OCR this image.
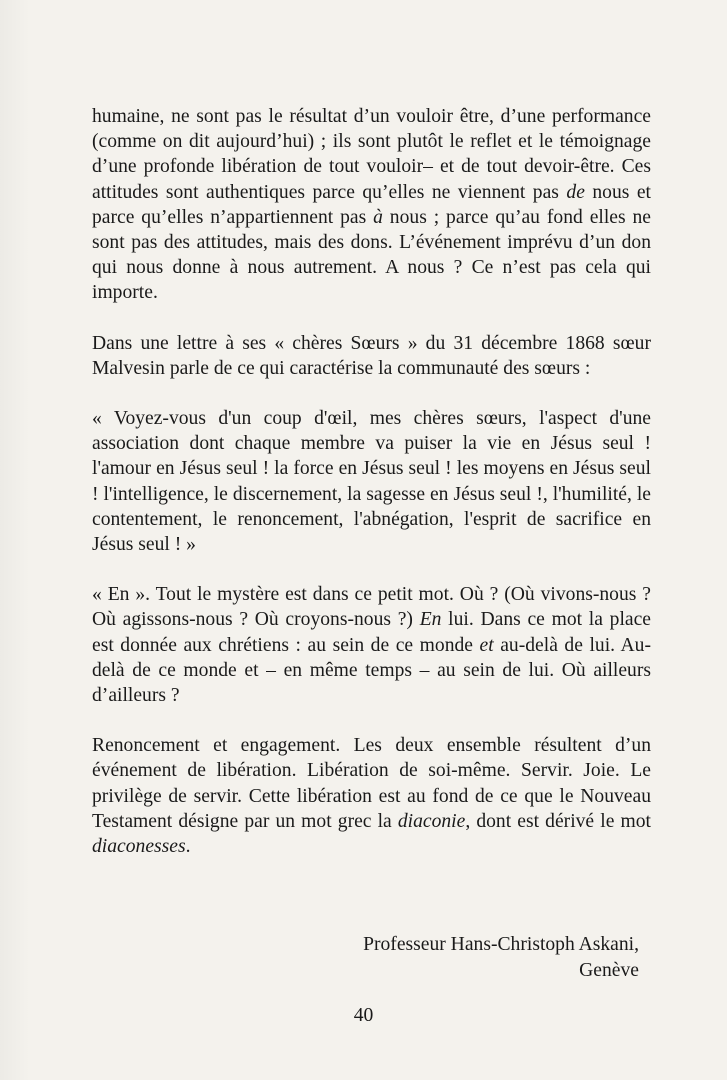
humaine, ne sont pas le résultat d’un vouloir être, d’une performance (comme on dit aujourd’hui) ; ils sont plutôt le reflet et le témoignage d’une profonde libération de tout vouloir– et de tout devoir-être. Ces attitudes sont authentiques parce qu’elles ne viennent pas de nous et parce qu’elles n’appartiennent pas à nous ; parce qu’au fond elles ne sont pas des attitudes, mais des dons. L’événement imprévu d’un don qui nous donne à nous autrement. A nous ? Ce n’est pas cela qui importe.

Dans une lettre à ses « chères Sœurs » du 31 décembre 1868 sœur Malvesin parle de ce qui caractérise la communauté des sœurs :

« Voyez-vous d'un coup d'œil, mes chères sœurs, l'aspect d'une association dont chaque membre va puiser la vie en Jésus seul ! l'amour en Jésus seul ! la force en Jésus seul ! les moyens en Jésus seul ! l'intelligence, le discernement, la sagesse en Jésus seul !, l'humilité, le contentement, le renoncement, l'abnégation, l'esprit de sacrifice en Jésus seul ! »

« En ». Tout le mystère est dans ce petit mot. Où ? (Où vivons-nous ? Où agissons-nous ? Où croyons-nous ?) En lui. Dans ce mot la place est donnée aux chrétiens : au sein de ce monde et au-delà de lui. Au-delà de ce monde et – en même temps – au sein de lui. Où ailleurs d’ailleurs ?

Renoncement et engagement. Les deux ensemble résultent d’un événement de libération. Libération de soi-même. Servir. Joie. Le privilège de servir. Cette libération est au fond de ce que le Nouveau Testament désigne par un mot grec la diaconie, dont est dérivé le mot diaconesses.

Professeur Hans-Christoph Askani,
Genève
40
